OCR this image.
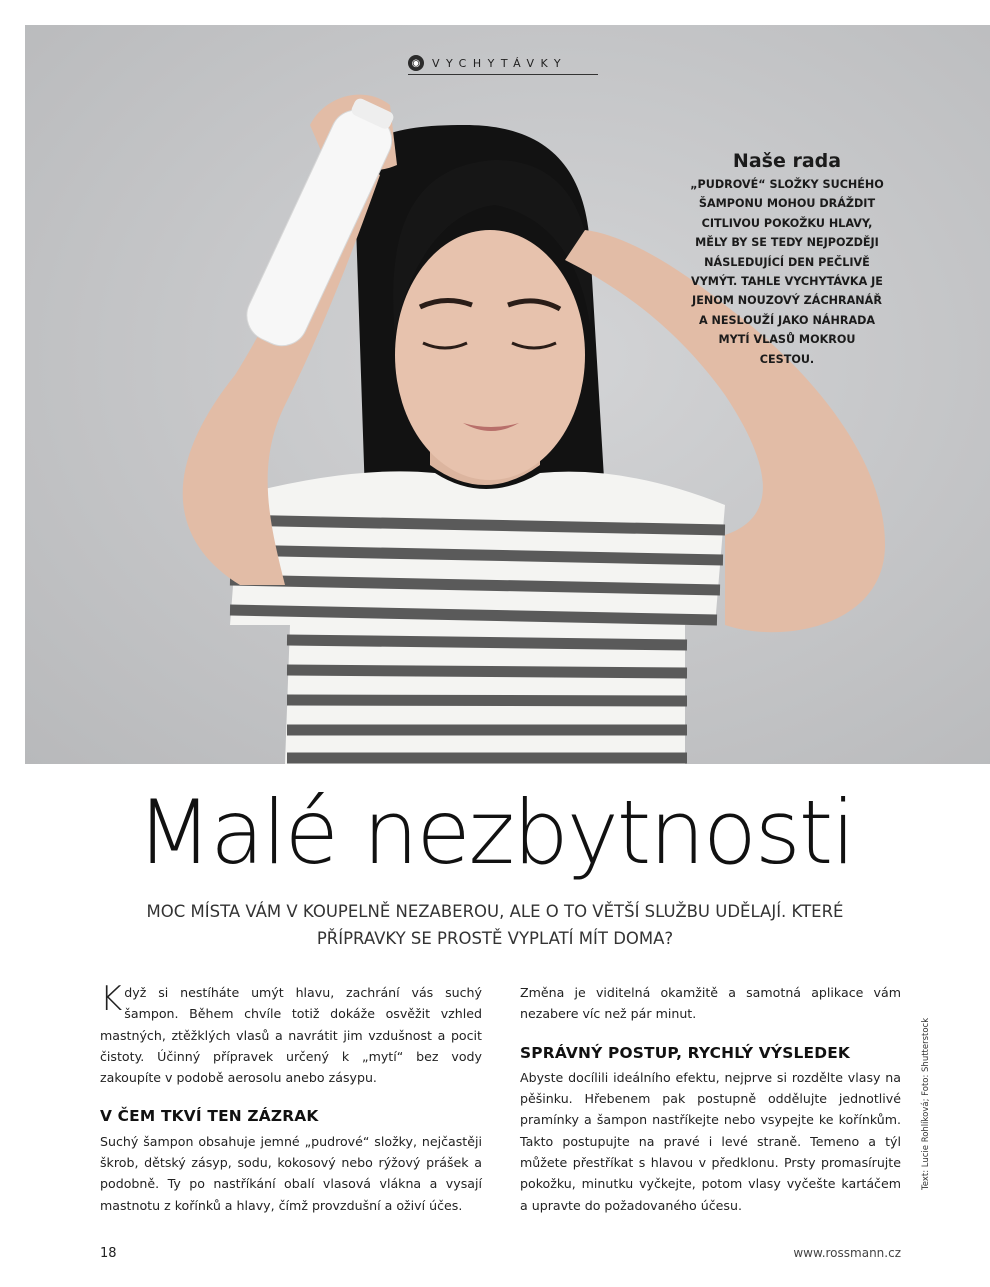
◉	VYCHYTÁVKY
Naše rada
„PUDROVÉ“ SLOŽKY SUCHÉHO
ŠAMPONU MOHOU DRÁŽDIT
CITLIVOU POKOŽKU HLAVY,
MĚLY BY SE TEDY NEJPOZDĚJI
NÁSLEDUJÍCÍ DEN PEČLIVĚ
VYMÝT. TAHLE VYCHYTÁVKA JE
JENOM NOUZOVÝ ZÁCHRANÁŘ
A NESLOUŽÍ JAKO NÁHRADA
MYTÍ VLASŮ MOKROU
CESTOU.
Malé nezbytnosti
MOC MÍSTA VÁM V KOUPELNĚ NEZABEROU, ALE O TO VĚTŠÍ SLUŽBU UDĚLAJÍ. KTERÉ PŘÍPRAVKY SE PROSTĚ VYPLATÍ MÍT DOMA?

Když si nestíháte umýt hlavu, zachrání vás suchý šampon. Během chvíle totiž dokáže osvěžit vzhled mastných, ztěžklých vlasů a navrátit jim vzdušnost a pocit čistoty. Účinný přípravek určený k „mytí“ bez vody zakoupíte v podobě aerosolu anebo zásypu.

V ČEM TKVÍ TEN ZÁZRAK

Suchý šampon obsahuje jemné „pudrové“ složky, nejčastěji škrob, dětský zásyp, sodu, kokosový nebo rýžový prášek a podobně. Ty po nastříkání obalí vlasová vlákna a vysají mastnotu z kořínků a hlavy, čímž provzdušní a oživí účes.

Změna je viditelná okamžitě a samotná aplikace vám nezabere víc než pár minut.

SPRÁVNÝ POSTUP, RYCHLÝ VÝSLEDEK

Abyste docílili ideálního efektu, nejprve si rozdělte vlasy na pěšinku. Hřebenem pak postupně oddělujte jednotlivé pramínky a šampon nastříkejte nebo vsypejte ke kořínkům. Takto postupujte na pravé i levé straně. Temeno a týl můžete přestříkat s hlavou v předklonu. Prsty promasírujte pokožku, minutku vyčkejte, potom vlasy vyčešte kartáčem a upravte do požadovaného účesu.

Text: Lucie Rohlíková; Foto: Shutterstock
18	www.rossmann.cz
